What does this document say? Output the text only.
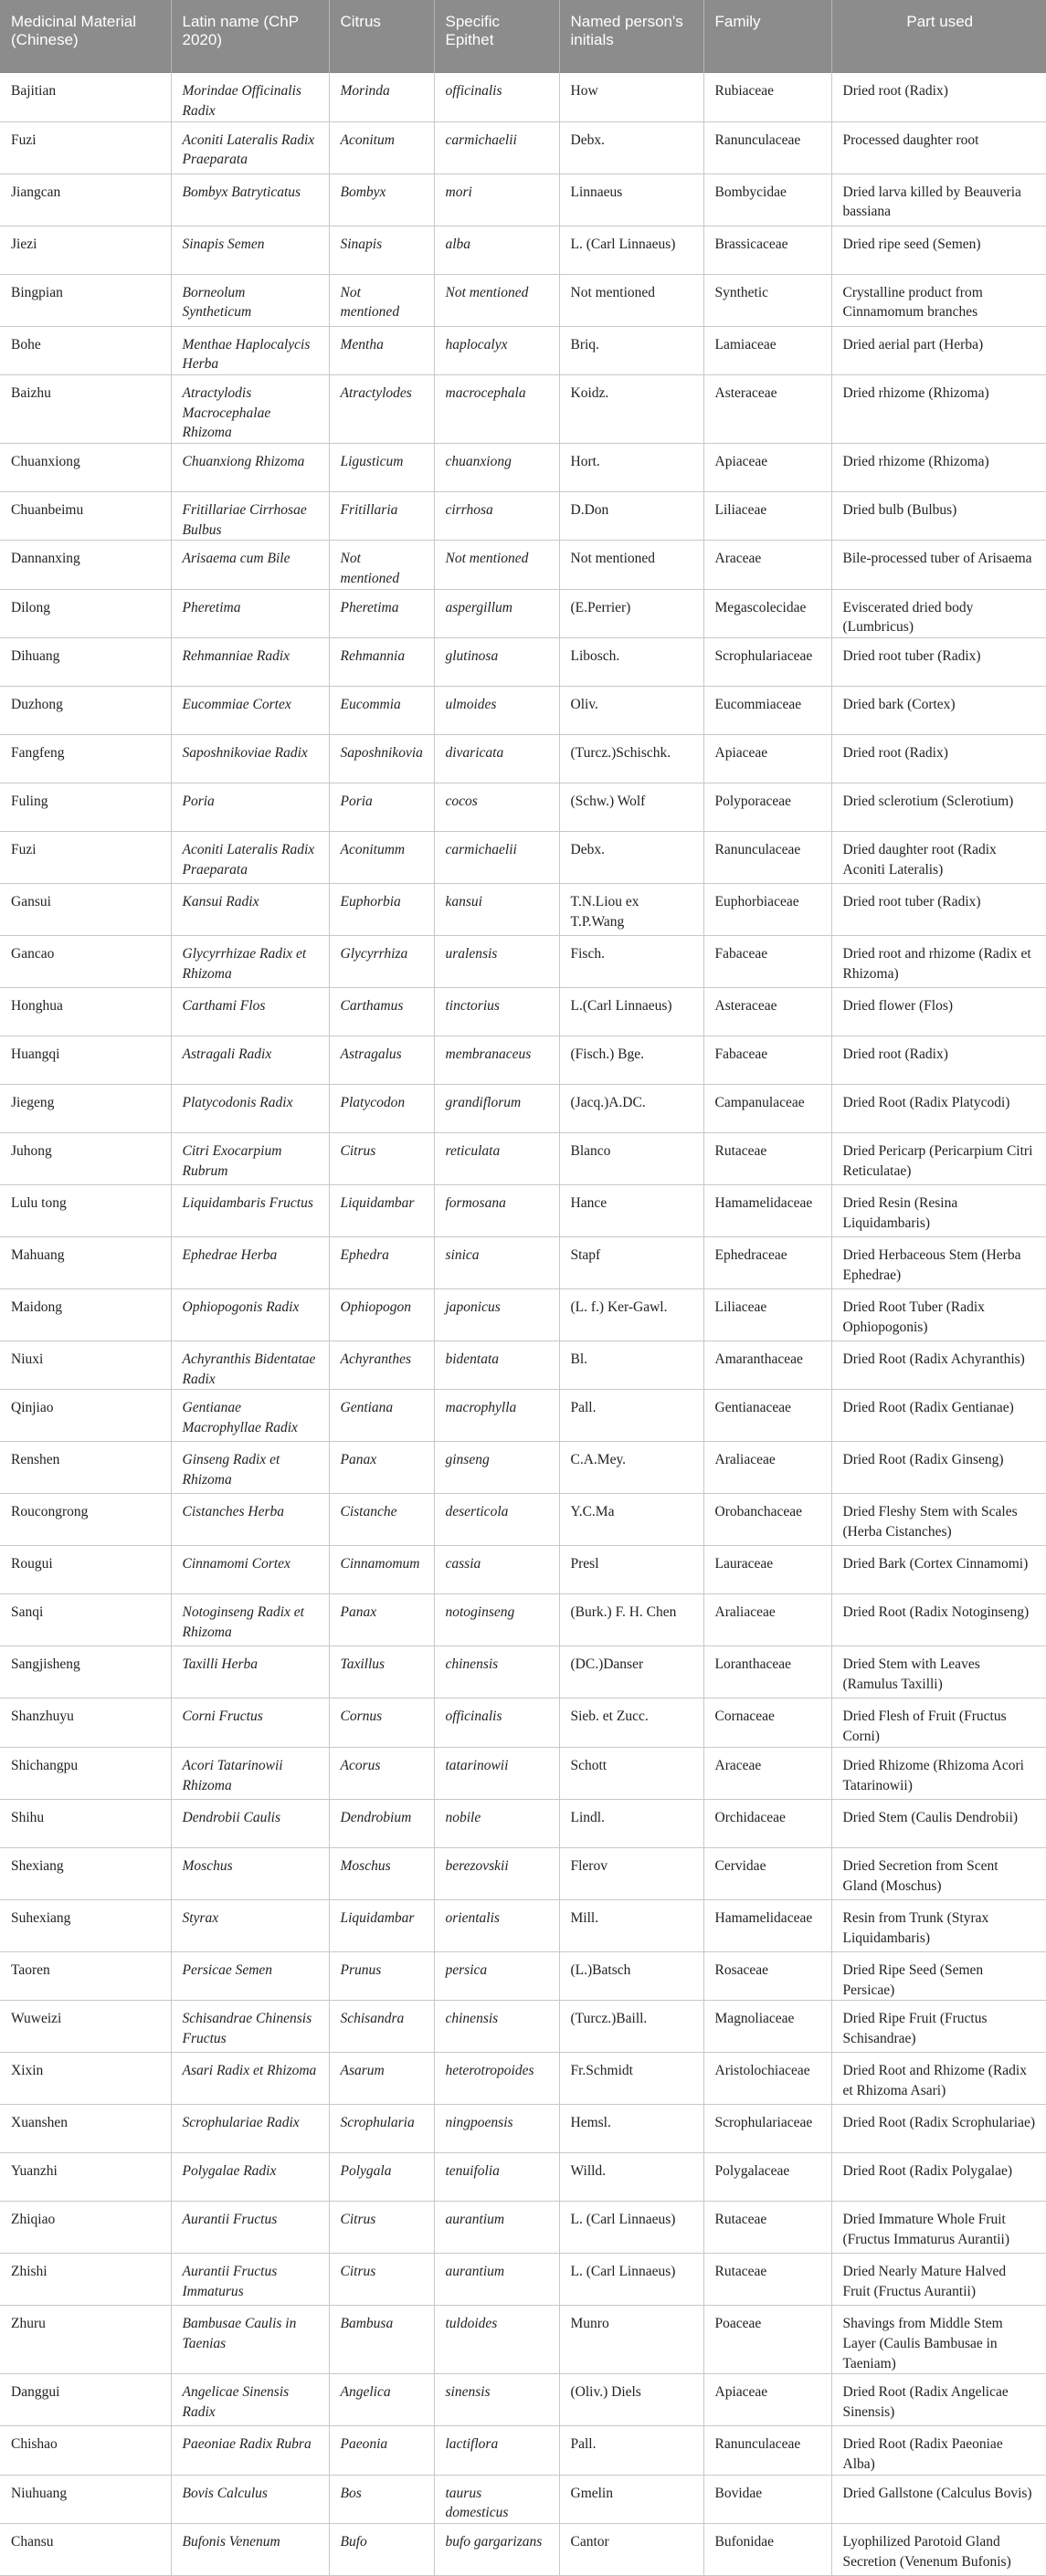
Medicinal Material (Chinese)	Latin name (ChP 2020)	Citrus	Specific Epithet	Named person's initials	Family	Part used
Bajitian	Morindae Officinalis Radix	Morinda	officinalis	How	Rubiaceae	Dried root (Radix)
Fuzi	Aconiti Lateralis Radix Praeparata	Aconitum	carmichaelii	Debx.	Ranunculaceae	Processed daughter root
Jiangcan	Bombyx Batryticatus	Bombyx	mori	Linnaeus	Bombycidae	Dried larva killed by Beauveria bassiana
Jiezi	Sinapis Semen	Sinapis	alba	L. (Carl Linnaeus)	Brassicaceae	Dried ripe seed (Semen)
Bingpian	Borneolum Syntheticum	Not mentioned	Not mentioned	Not mentioned	Synthetic	Crystalline product from Cinnamomum branches
Bohe	Menthae Haplocalycis Herba	Mentha	haplocalyx	Briq.	Lamiaceae	Dried aerial part (Herba)
Baizhu	Atractylodis Macrocephalae Rhizoma	Atractylodes	macrocephala	Koidz.	Asteraceae	Dried rhizome (Rhizoma)
Chuanxiong	Chuanxiong Rhizoma	Ligusticum	chuanxiong	Hort.	Apiaceae	Dried rhizome (Rhizoma)
Chuanbeimu	Fritillariae Cirrhosae Bulbus	Fritillaria	cirrhosa	D.Don	Liliaceae	Dried bulb (Bulbus)
Dannanxing	Arisaema cum Bile	Not mentioned	Not mentioned	Not mentioned	Araceae	Bile-processed tuber of Arisaema
Dilong	Pheretima	Pheretima	aspergillum	(E.Perrier)	Megascolecidae	Eviscerated dried body (Lumbricus)
Dihuang	Rehmanniae Radix	Rehmannia	glutinosa	Libosch.	Scrophulariaceae	Dried root tuber (Radix)
Duzhong	Eucommiae Cortex	Eucommia	ulmoides	Oliv.	Eucommiaceae	Dried bark (Cortex)
Fangfeng	Saposhnikoviae Radix	Saposhnikovia	divaricata	(Turcz.)Schischk.	Apiaceae	Dried root (Radix)
Fuling	Poria	Poria	cocos	(Schw.) Wolf	Polyporaceae	Dried sclerotium (Sclerotium)
Fuzi	Aconiti Lateralis Radix Praeparata	Aconitumm	carmichaelii	Debx.	Ranunculaceae	Dried daughter root (Radix Aconiti Lateralis)
Gansui	Kansui Radix	Euphorbia	kansui	T.N.Liou ex T.P.Wang	Euphorbiaceae	Dried root tuber (Radix)
Gancao	Glycyrrhizae Radix et Rhizoma	Glycyrrhiza	uralensis	Fisch.	Fabaceae	Dried root and rhizome (Radix et Rhizoma)
Honghua	Carthami Flos	Carthamus	tinctorius	L.(Carl Linnaeus)	Asteraceae	Dried flower (Flos)
Huangqi	Astragali Radix	Astragalus	membranaceus	(Fisch.) Bge.	Fabaceae	Dried root (Radix)
Jiegeng	Platycodonis Radix	Platycodon	grandiflorum	(Jacq.)A.DC.	Campanulaceae	Dried Root (Radix Platycodi)
Juhong	Citri Exocarpium Rubrum	Citrus	reticulata	Blanco	Rutaceae	Dried Pericarp (Pericarpium Citri Reticulatae)
Lulu tong	Liquidambaris Fructus	Liquidambar	formosana	Hance	Hamamelidaceae	Dried Resin (Resina Liquidambaris)
Mahuang	Ephedrae Herba	Ephedra	sinica	Stapf	Ephedraceae	Dried Herbaceous Stem (Herba Ephedrae)
Maidong	Ophiopogonis Radix	Ophiopogon	japonicus	(L. f.) Ker-Gawl.	Liliaceae	Dried Root Tuber (Radix Ophiopogonis)
Niuxi	Achyranthis Bidentatae Radix	Achyranthes	bidentata	Bl.	Amaranthaceae	Dried Root (Radix Achyranthis)
Qinjiao	Gentianae Macrophyllae Radix	Gentiana	macrophylla	Pall.	Gentianaceae	Dried Root (Radix Gentianae)
Renshen	Ginseng Radix et Rhizoma	Panax	ginseng	C.A.Mey.	Araliaceae	Dried Root (Radix Ginseng)
Roucongrong	Cistanches Herba	Cistanche	deserticola	Y.C.Ma	Orobanchaceae	Dried Fleshy Stem with Scales (Herba Cistanches)
Rougui	Cinnamomi Cortex	Cinnamomum	cassia	Presl	Lauraceae	Dried Bark (Cortex Cinnamomi)
Sanqi	Notoginseng Radix et Rhizoma	Panax	notoginseng	(Burk.) F. H. Chen	Araliaceae	Dried Root (Radix Notoginseng)
Sangjisheng	Taxilli Herba	Taxillus	chinensis	(DC.)Danser	Loranthaceae	Dried Stem with Leaves (Ramulus Taxilli)
Shanzhuyu	Corni Fructus	Cornus	officinalis	Sieb. et Zucc.	Cornaceae	Dried Flesh of Fruit (Fructus Corni)
Shichangpu	Acori Tatarinowii Rhizoma	Acorus	tatarinowii	Schott	Araceae	Dried Rhizome (Rhizoma Acori Tatarinowii)
Shihu	Dendrobii Caulis	Dendrobium	nobile	Lindl.	Orchidaceae	Dried Stem (Caulis Dendrobii)
Shexiang	Moschus	Moschus	berezovskii	Flerov	Cervidae	Dried Secretion from Scent Gland (Moschus)
Suhexiang	Styrax	Liquidambar	orientalis	Mill.	Hamamelidaceae	Resin from Trunk (Styrax Liquidambaris)
Taoren	Persicae Semen	Prunus	persica	(L.)Batsch	Rosaceae	Dried Ripe Seed (Semen Persicae)
Wuweizi	Schisandrae Chinensis Fructus	Schisandra	chinensis	(Turcz.)Baill.	Magnoliaceae	Dried Ripe Fruit (Fructus Schisandrae)
Xixin	Asari Radix et Rhizoma	Asarum	heterotropoides	Fr.Schmidt	Aristolochiaceae	Dried Root and Rhizome (Radix et Rhizoma Asari)
Xuanshen	Scrophulariae Radix	Scrophularia	ningpoensis	Hemsl.	Scrophulariaceae	Dried Root (Radix Scrophulariae)
Yuanzhi	Polygalae Radix	Polygala	tenuifolia	Willd.	Polygalaceae	Dried Root (Radix Polygalae)
Zhiqiao	Aurantii Fructus	Citrus	aurantium	L. (Carl Linnaeus)	Rutaceae	Dried Immature Whole Fruit (Fructus Immaturus Aurantii)
Zhishi	Aurantii Fructus Immaturus	Citrus	aurantium	L. (Carl Linnaeus)	Rutaceae	Dried Nearly Mature Halved Fruit (Fructus Aurantii)
Zhuru	Bambusae Caulis in Taenias	Bambusa	tuldoides	Munro	Poaceae	Shavings from Middle Stem Layer (Caulis Bambusae in Taeniam)
Danggui	Angelicae Sinensis Radix	Angelica	sinensis	(Oliv.) Diels	Apiaceae	Dried Root (Radix Angelicae Sinensis)
Chishao	Paeoniae Radix Rubra	Paeonia	lactiflora	Pall.	Ranunculaceae	Dried Root (Radix Paeoniae Alba)
Niuhuang	Bovis Calculus	Bos	taurus domesticus	Gmelin	Bovidae	Dried Gallstone (Calculus Bovis)
Chansu	Bufonis Venenum	Bufo	bufo gargarizans	Cantor	Bufonidae	Lyophilized Parotoid Gland Secretion (Venenum Bufonis)
